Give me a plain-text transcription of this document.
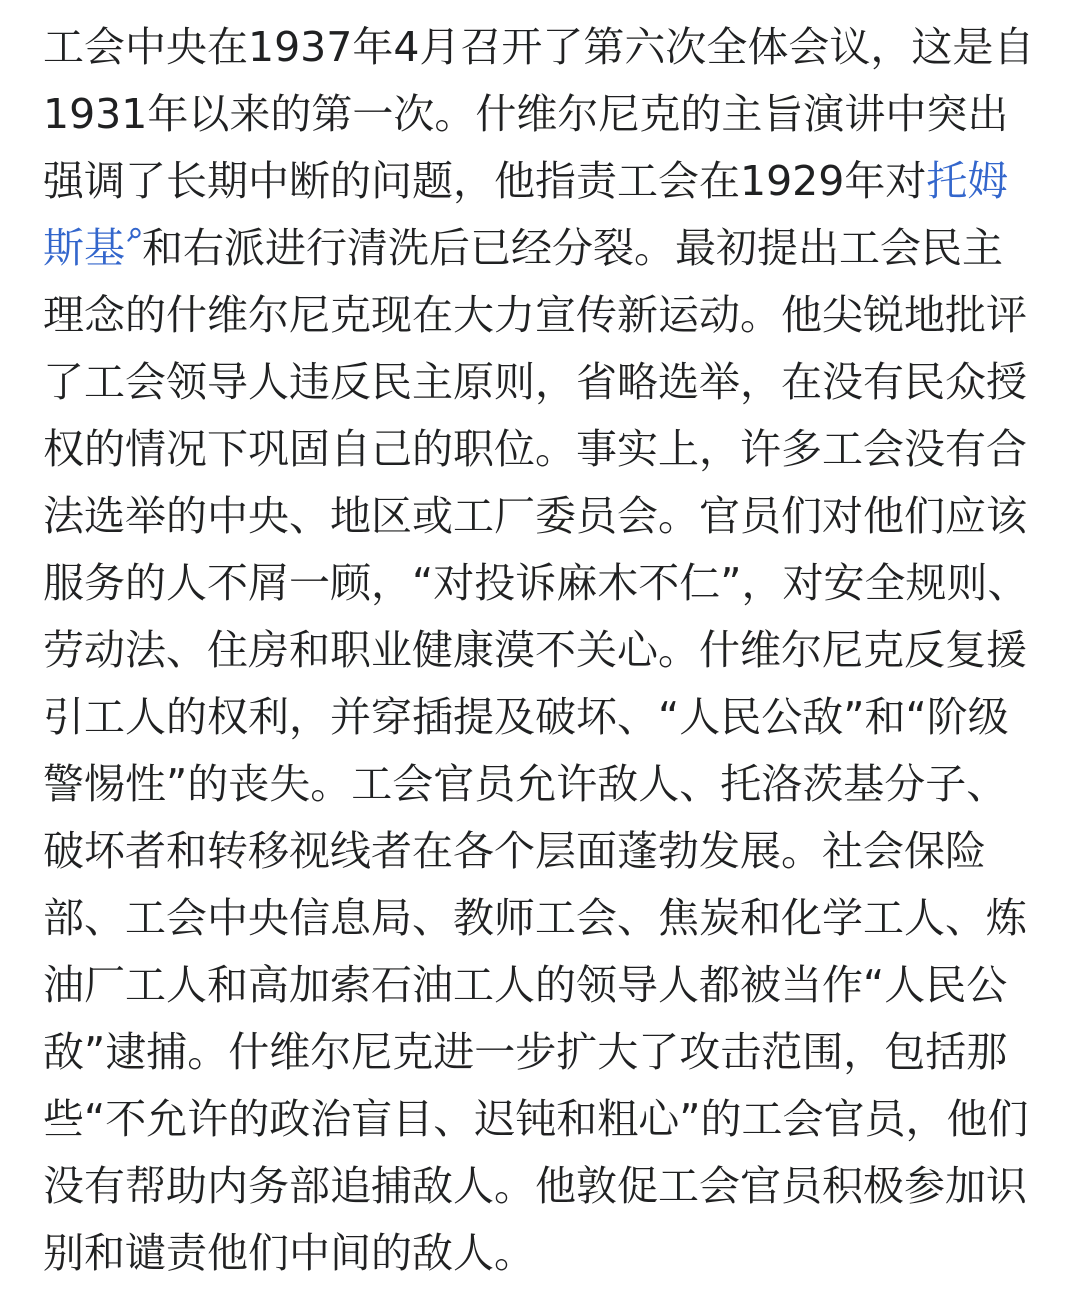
工会中央在1937年4月召开了第六次全体会议，这是自1931年以来的第一次。什维尔尼克的主旨演讲中突出强调了长期中断的问题，他指责工会在1929年对托姆斯基 和右派进行清洗后已经分裂。最初提出工会民主理念的什维尔尼克现在大力宣传新运动。他尖锐地批评了工会领导人违反民主原则，省略选举，在没有民众授权的情况下巩固自己的职位。事实上，许多工会没有合法选举的中央、地区或工厂委员会。官员们对他们应该服务的人不屑一顾，“对投诉麻木不仁”，对安全规则、劳动法、住房和职业健康漠不关心。什维尔尼克反复援引工人的权利，并穿插提及破坏、“人民公敌”和“阶级警惕性”的丧失。工会官员允许敌人、托洛茨基分子、破坏者和转移视线者在各个层面蓬勃发展。社会保险部、工会中央信息局、教师工会、焦炭和化学工人、炼油厂工人和高加索石油工人的领导人都被当作“人民公敌”逮捕。什维尔尼克进一步扩大了攻击范围，包括那些“不允许的政治盲目、迟钝和粗心”的工会官员，他们没有帮助内务部追捕敌人。他敦促工会官员积极参加识别和谴责他们中间的敌人。
